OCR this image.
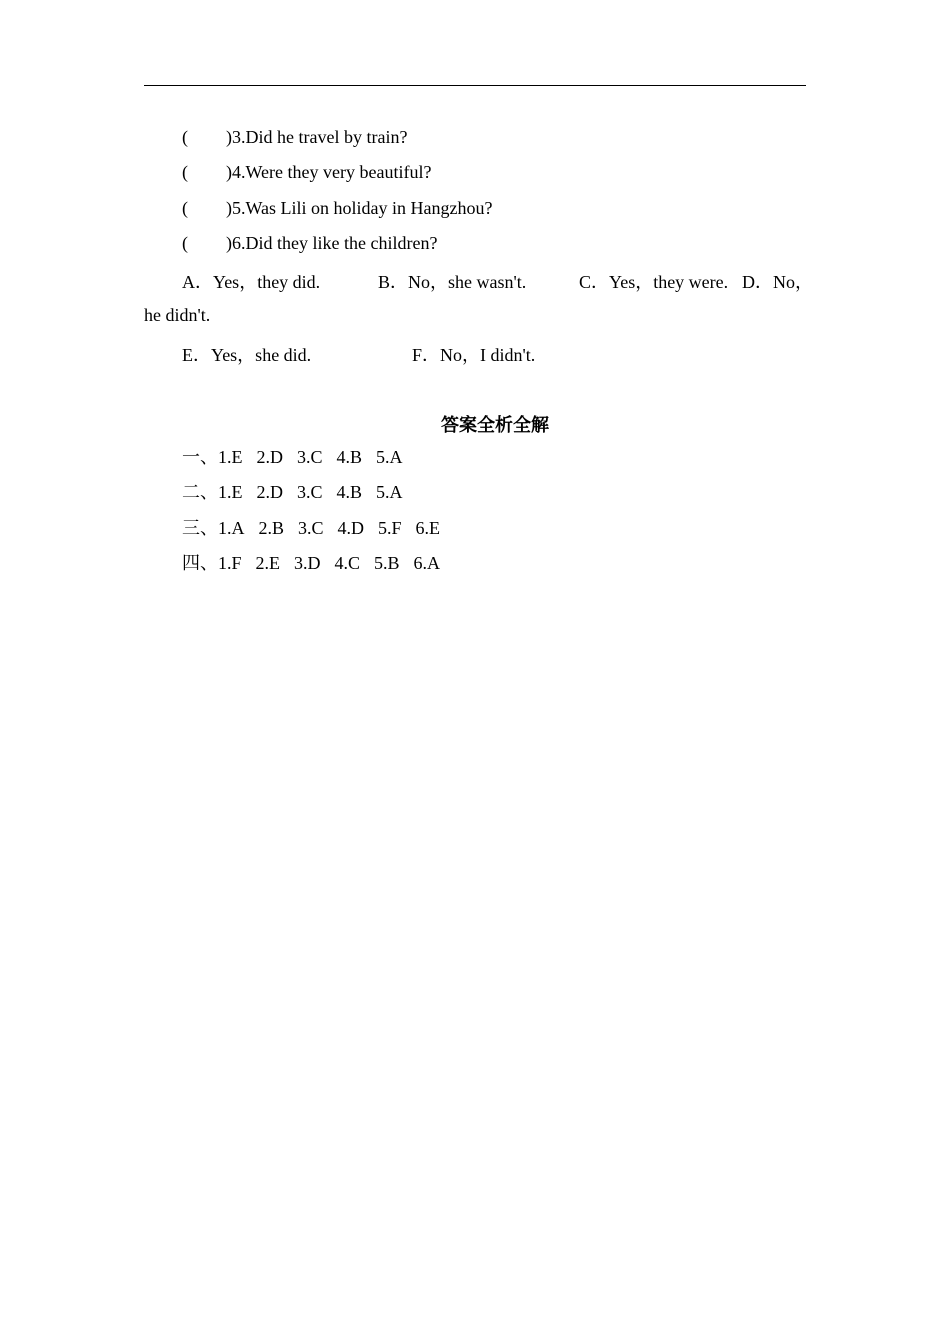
( )3.Did he travel by train?
( )4.Were they very beautiful?
( )5.Was Lili on holiday in Hangzhou?
( )6.Did they like the children?
A．Yes，they did.	B．No，she wasn't.	C．Yes，they were. D．No，
he didn't.
E．Yes，she did.	F．No，I didn't.
答案全析全解
一、1.E 2.D 3.C 4.B 5.A
二、1.E 2.D 3.C 4.B 5.A
三、1.A 2.B 3.C 4.D 5.F 6.E
四、1.F 2.E 3.D 4.C 5.B 6.A
